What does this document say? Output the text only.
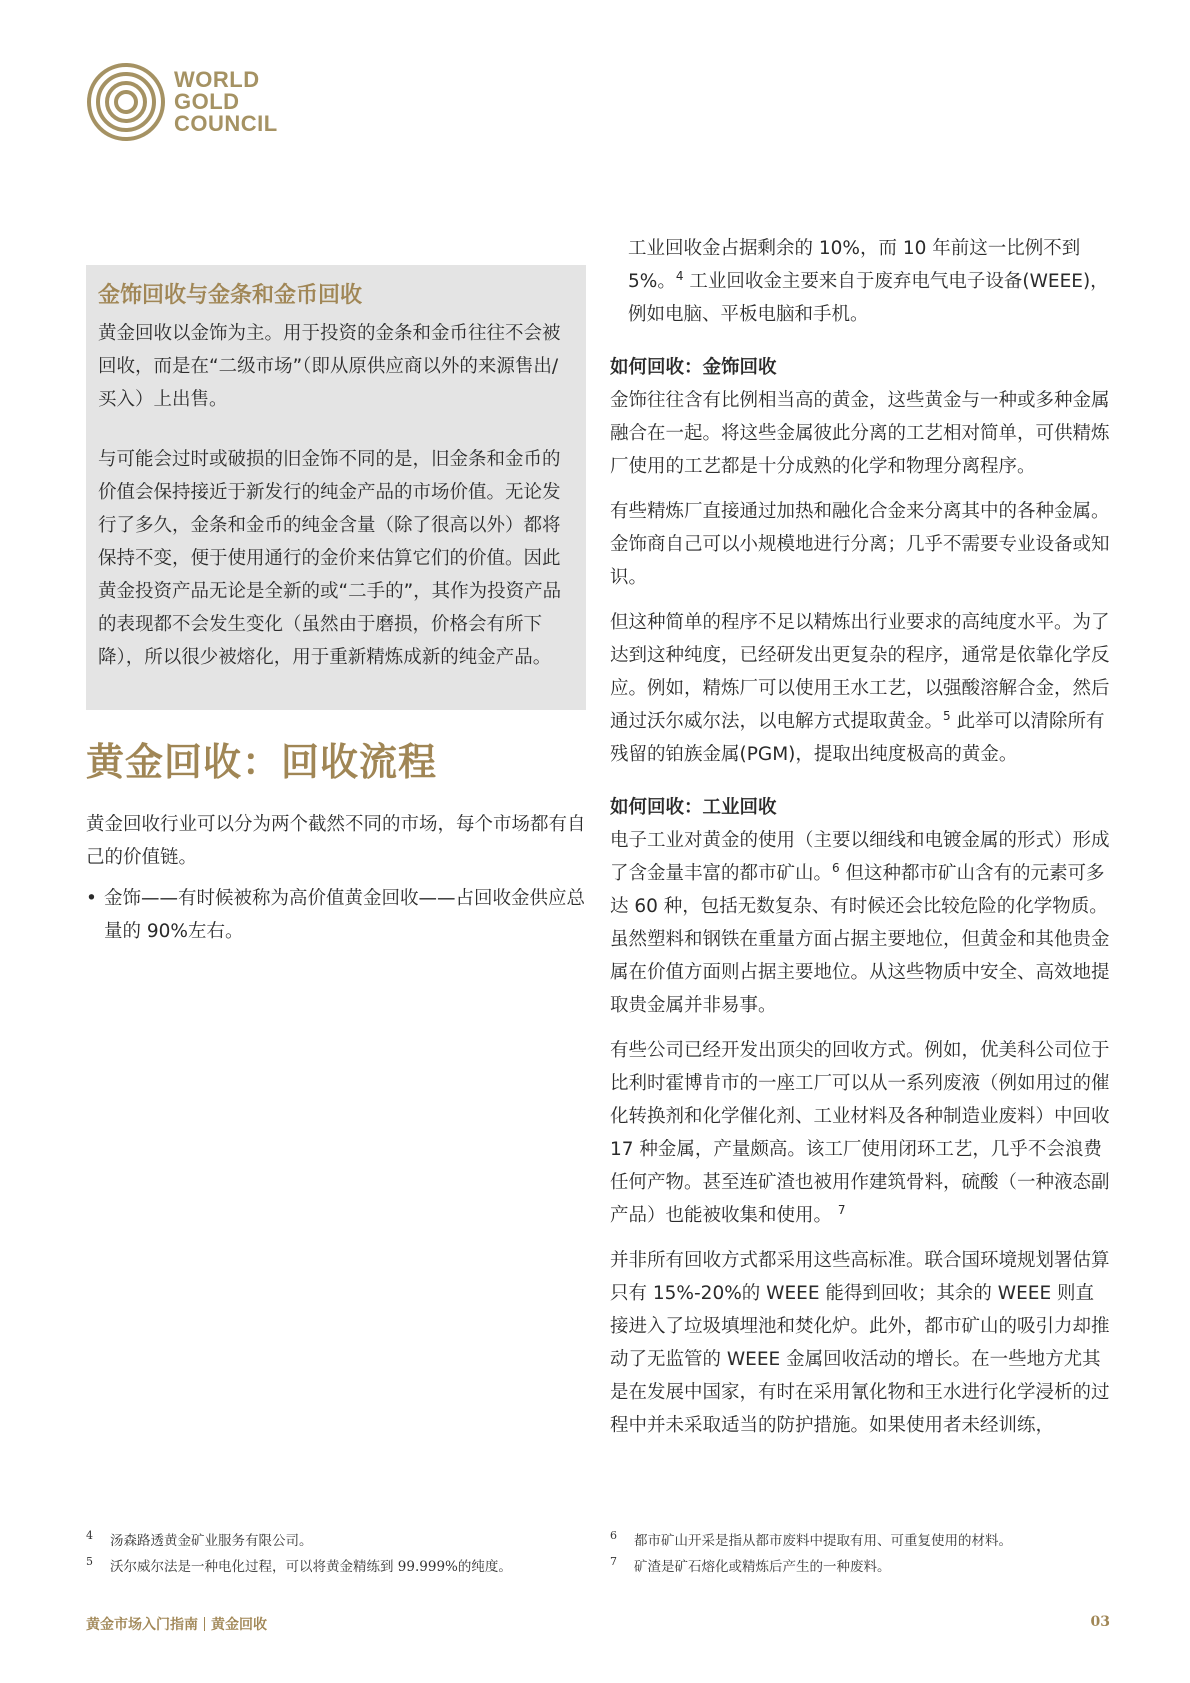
WORLD
GOLD
COUNCIL
金饰回收与金条和金币回收

黄金回收以金饰为主。用于投资的金条和金币往往不会被回收，而是在“二级市场”（即从原供应商以外的来源售出/买入）上出售。

与可能会过时或破损的旧金饰不同的是，旧金条和金币的价值会保持接近于新发行的纯金产品的市场价值。无论发行了多久，金条和金币的纯金含量（除了很高以外）都将保持不变，便于使用通行的金价来估算它们的价值。因此黄金投资产品无论是全新的或“二手的”，其作为投资产品的表现都不会发生变化（虽然由于磨损，价格会有所下降），所以很少被熔化，用于重新精炼成新的纯金产品。

黄金回收：回收流程

黄金回收行业可以分为两个截然不同的市场，每个市场都有自己的价值链。

• 金饰——有时候被称为高价值黄金回收——占回收金供应总量的 90%左右。

工业回收金占据剩余的 10%，而 10 年前这一比例不到 5%。$^4$ 工业回收金主要来自于废弃电气电子设备(WEEE)，例如电脑、平板电脑和手机。

如何回收：金饰回收

金饰往往含有比例相当高的黄金，这些黄金与一种或多种金属融合在一起。将这些金属彼此分离的工艺相对简单，可供精炼厂使用的工艺都是十分成熟的化学和物理分离程序。

有些精炼厂直接通过加热和融化合金来分离其中的各种金属。金饰商自己可以小规模地进行分离；几乎不需要专业设备或知识。

但这种简单的程序不足以精炼出行业要求的高纯度水平。为了达到这种纯度，已经研发出更复杂的程序，通常是依靠化学反应。例如，精炼厂可以使用王水工艺，以强酸溶解合金，然后通过沃尔威尔法，以电解方式提取黄金。$^5$ 此举可以清除所有残留的铂族金属(PGM)，提取出纯度极高的黄金。

如何回收：工业回收

电子工业对黄金的使用（主要以细线和电镀金属的形式）形成了含金量丰富的都市矿山。$^6$ 但这种都市矿山含有的元素可多达 60 种，包括无数复杂、有时候还会比较危险的化学物质。虽然塑料和钢铁在重量方面占据主要地位，但黄金和其他贵金属在价值方面则占据主要地位。从这些物质中安全、高效地提取贵金属并非易事。

有些公司已经开发出顶尖的回收方式。例如，优美科公司位于比利时霍博肯市的一座工厂可以从一系列废液（例如用过的催化转换剂和化学催化剂、工业材料及各种制造业废料）中回收 17 种金属，产量颇高。该工厂使用闭环工艺，几乎不会浪费任何产物。甚至连矿渣也被用作建筑骨料，硫酸（一种液态副产品）也能被收集和使用。 $^7$

并非所有回收方式都采用这些高标准。联合国环境规划署估算只有 15%-20%的 WEEE 能得到回收；其余的 WEEE 则直接进入了垃圾填埋池和焚化炉。此外，都市矿山的吸引力却推动了无监管的 WEEE 金属回收活动的增长。在一些地方尤其是在发展中国家，有时在采用氰化物和王水进行化学浸析的过程中并未采取适当的防护措施。如果使用者未经训练，

4	汤森路透黄金矿业服务有限公司。
5	沃尔威尔法是一种电化过程，可以将黄金精练到 99.999%的纯度。
6	都市矿山开采是指从都市废料中提取有用、可重复使用的材料。
7	矿渣是矿石熔化或精炼后产生的一种废料。
黄金市场入门指南 黄金回收	03
